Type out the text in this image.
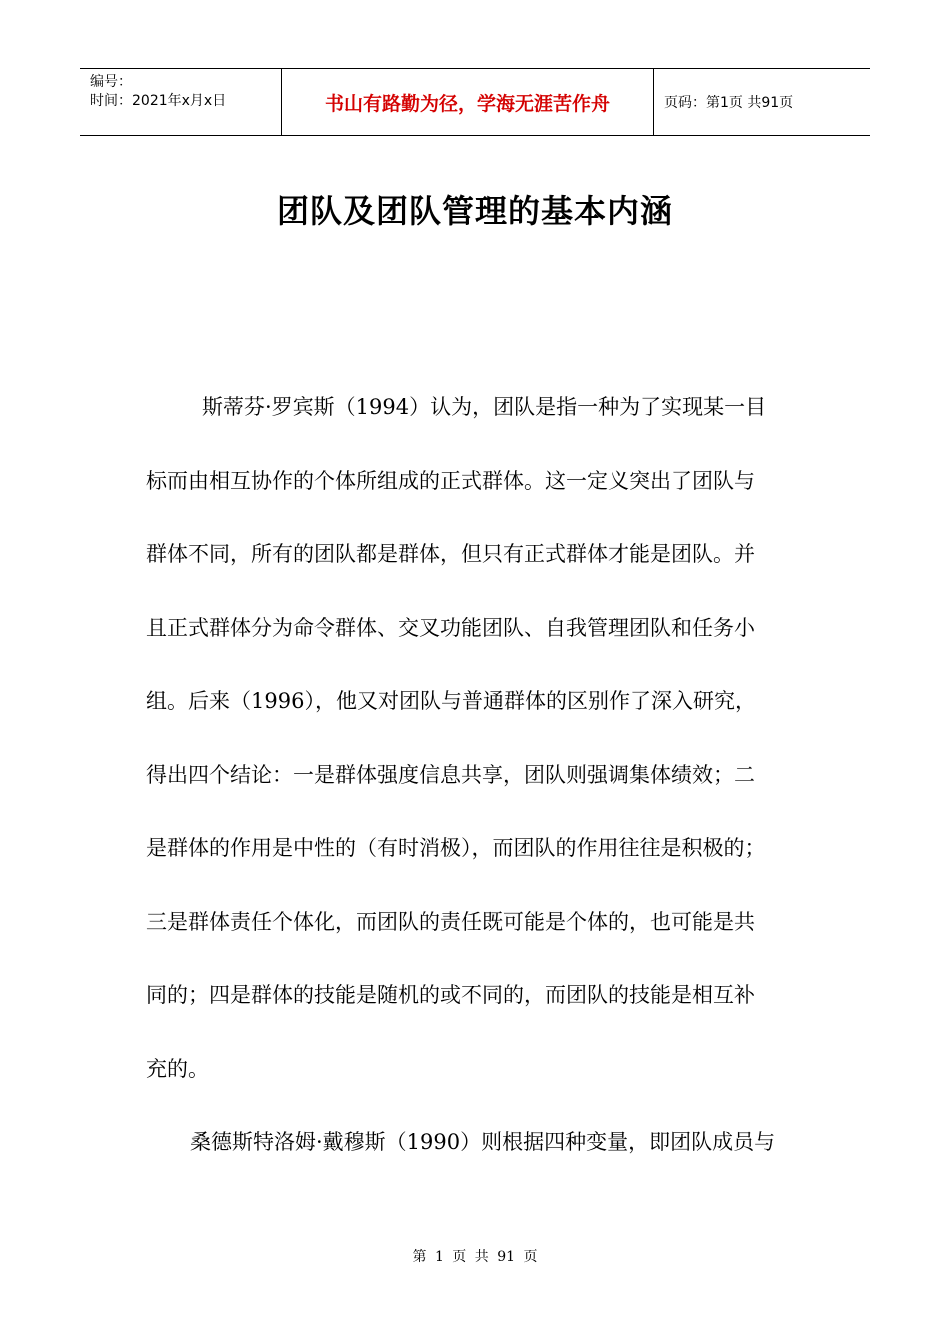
编号：
时间：2021年x月x日	书山有路勤为径，学海无涯苦作舟	页码：第1页 共91页
团队及团队管理的基本内涵
斯蒂芬·罗宾斯（1994）认为，团队是指一种为了实现某一目
标而由相互协作的个体所组成的正式群体。这一定义突出了团队与
群体不同，所有的团队都是群体，但只有正式群体才能是团队。并
且正式群体分为命令群体、交叉功能团队、自我管理团队和任务小
组。后来（1996），他又对团队与普通群体的区别作了深入研究，
得出四个结论：一是群体强度信息共享，团队则强调集体绩效；二
是群体的作用是中性的（有时消极），而团队的作用往往是积极的；
三是群体责任个体化，而团队的责任既可能是个体的，也可能是共
同的；四是群体的技能是随机的或不同的，而团队的技能是相互补
充的。
桑德斯特洛姆·戴穆斯（1990）则根据四种变量，即团队成员与
第 1 页 共 91 页
